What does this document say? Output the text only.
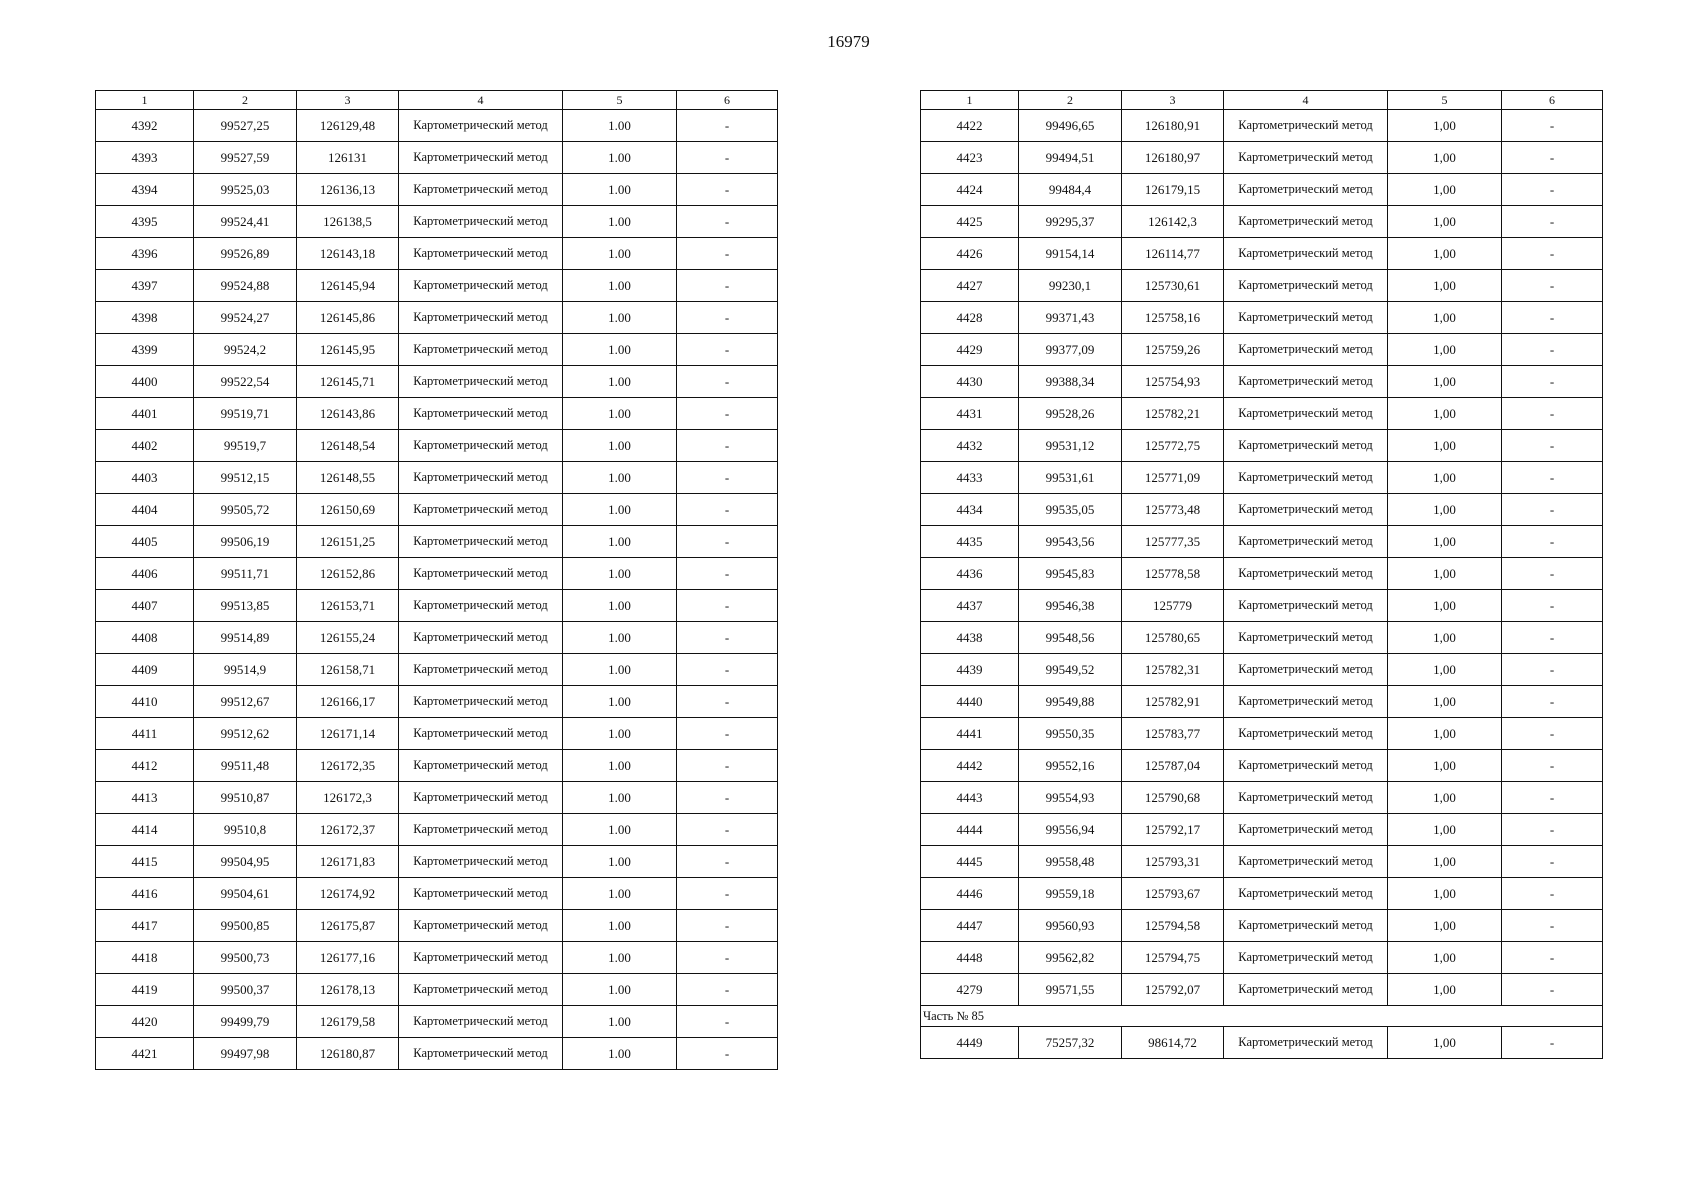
16979
1	2	3	4	5	6
4392	99527,25	126129,48	Картометрический метод	1.00	-
4393	99527,59	126131	Картометрический метод	1.00	-
4394	99525,03	126136,13	Картометрический метод	1.00	-
4395	99524,41	126138,5	Картометрический метод	1.00	-
4396	99526,89	126143,18	Картометрический метод	1.00	-
4397	99524,88	126145,94	Картометрический метод	1.00	-
4398	99524,27	126145,86	Картометрический метод	1.00	-
4399	99524,2	126145,95	Картометрический метод	1.00	-
4400	99522,54	126145,71	Картометрический метод	1.00	-
4401	99519,71	126143,86	Картометрический метод	1.00	-
4402	99519,7	126148,54	Картометрический метод	1.00	-
4403	99512,15	126148,55	Картометрический метод	1.00	-
4404	99505,72	126150,69	Картометрический метод	1.00	-
4405	99506,19	126151,25	Картометрический метод	1.00	-
4406	99511,71	126152,86	Картометрический метод	1.00	-
4407	99513,85	126153,71	Картометрический метод	1.00	-
4408	99514,89	126155,24	Картометрический метод	1.00	-
4409	99514,9	126158,71	Картометрический метод	1.00	-
4410	99512,67	126166,17	Картометрический метод	1.00	-
4411	99512,62	126171,14	Картометрический метод	1.00	-
4412	99511,48	126172,35	Картометрический метод	1.00	-
4413	99510,87	126172,3	Картометрический метод	1.00	-
4414	99510,8	126172,37	Картометрический метод	1.00	-
4415	99504,95	126171,83	Картометрический метод	1.00	-
4416	99504,61	126174,92	Картометрический метод	1.00	-
4417	99500,85	126175,87	Картометрический метод	1.00	-
4418	99500,73	126177,16	Картометрический метод	1.00	-
4419	99500,37	126178,13	Картометрический метод	1.00	-
4420	99499,79	126179,58	Картометрический метод	1.00	-
4421	99497,98	126180,87	Картометрический метод	1.00	-
1	2	3	4	5	6
4422	99496,65	126180,91	Картометрический метод	1,00	-
4423	99494,51	126180,97	Картометрический метод	1,00	-
4424	99484,4	126179,15	Картометрический метод	1,00	-
4425	99295,37	126142,3	Картометрический метод	1,00	-
4426	99154,14	126114,77	Картометрический метод	1,00	-
4427	99230,1	125730,61	Картометрический метод	1,00	-
4428	99371,43	125758,16	Картометрический метод	1,00	-
4429	99377,09	125759,26	Картометрический метод	1,00	-
4430	99388,34	125754,93	Картометрический метод	1,00	-
4431	99528,26	125782,21	Картометрический метод	1,00	-
4432	99531,12	125772,75	Картометрический метод	1,00	-
4433	99531,61	125771,09	Картометрический метод	1,00	-
4434	99535,05	125773,48	Картометрический метод	1,00	-
4435	99543,56	125777,35	Картометрический метод	1,00	-
4436	99545,83	125778,58	Картометрический метод	1,00	-
4437	99546,38	125779	Картометрический метод	1,00	-
4438	99548,56	125780,65	Картометрический метод	1,00	-
4439	99549,52	125782,31	Картометрический метод	1,00	-
4440	99549,88	125782,91	Картометрический метод	1,00	-
4441	99550,35	125783,77	Картометрический метод	1,00	-
4442	99552,16	125787,04	Картометрический метод	1,00	-
4443	99554,93	125790,68	Картометрический метод	1,00	-
4444	99556,94	125792,17	Картометрический метод	1,00	-
4445	99558,48	125793,31	Картометрический метод	1,00	-
4446	99559,18	125793,67	Картометрический метод	1,00	-
4447	99560,93	125794,58	Картометрический метод	1,00	-
4448	99562,82	125794,75	Картометрический метод	1,00	-
4279	99571,55	125792,07	Картометрический метод	1,00	-
Часть № 85					
4449	75257,32	98614,72	Картометрический метод	1,00	-
